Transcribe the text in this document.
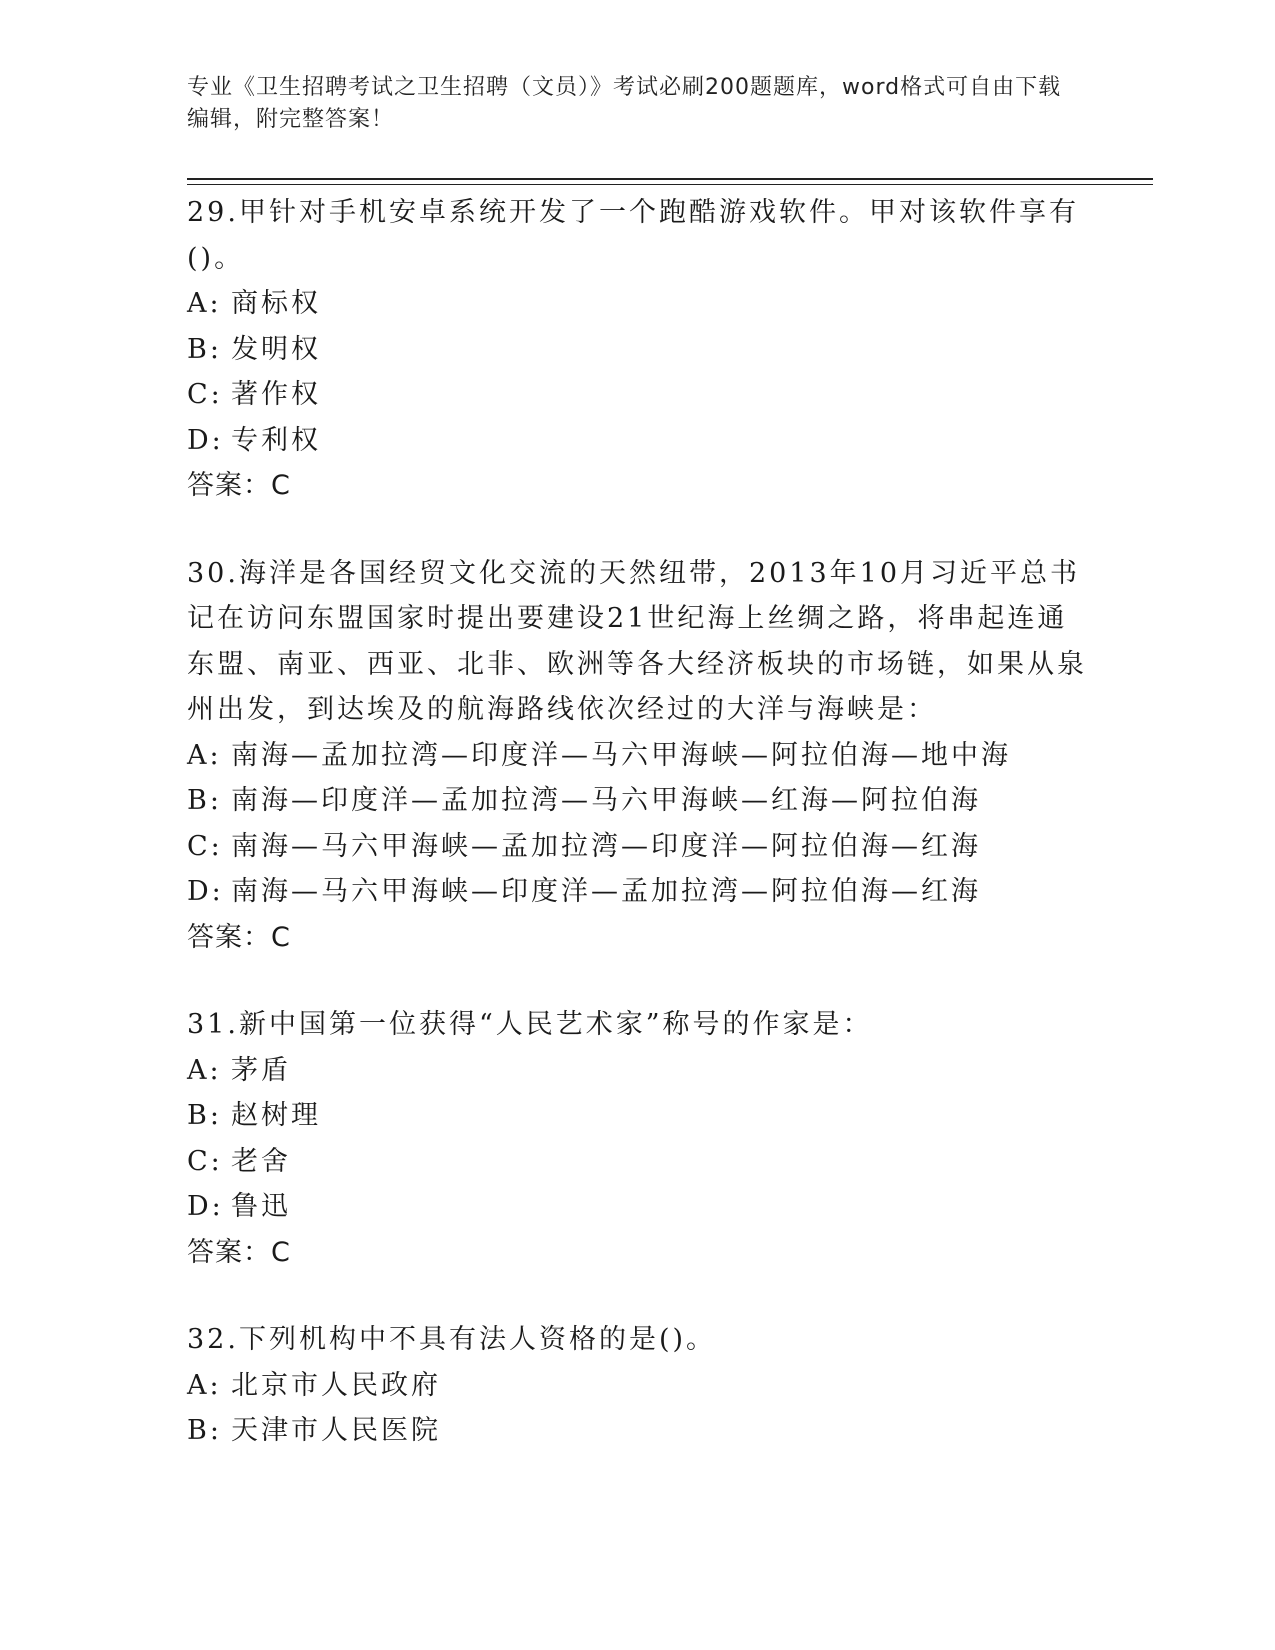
专业《卫生招聘考试之卫生招聘（文员）》考试必刷200题题库，word格式可自由下载编辑，附完整答案！

29.甲针对手机安卓系统开发了一个跑酷游戏软件。甲对该软件享有()。

A: 商标权

B: 发明权

C: 著作权

D: 专利权

答案：C

30.海洋是各国经贸文化交流的天然纽带，2013年10月习近平总书记在访问东盟国家时提出要建设21世纪海上丝绸之路，将串起连通东盟、南亚、西亚、北非、欧洲等各大经济板块的市场链，如果从泉州出发，到达埃及的航海路线依次经过的大洋与海峡是：

A: 南海—孟加拉湾—印度洋—马六甲海峡—阿拉伯海—地中海

B: 南海—印度洋—孟加拉湾—马六甲海峡—红海—阿拉伯海

C: 南海—马六甲海峡—孟加拉湾—印度洋—阿拉伯海—红海

D: 南海—马六甲海峡—印度洋—孟加拉湾—阿拉伯海—红海

答案：C

31.新中国第一位获得“人民艺术家”称号的作家是：

A: 茅盾

B: 赵树理

C: 老舍

D: 鲁迅

答案：C

32.下列机构中不具有法人资格的是()。

A: 北京市人民政府

B: 天津市人民医院
